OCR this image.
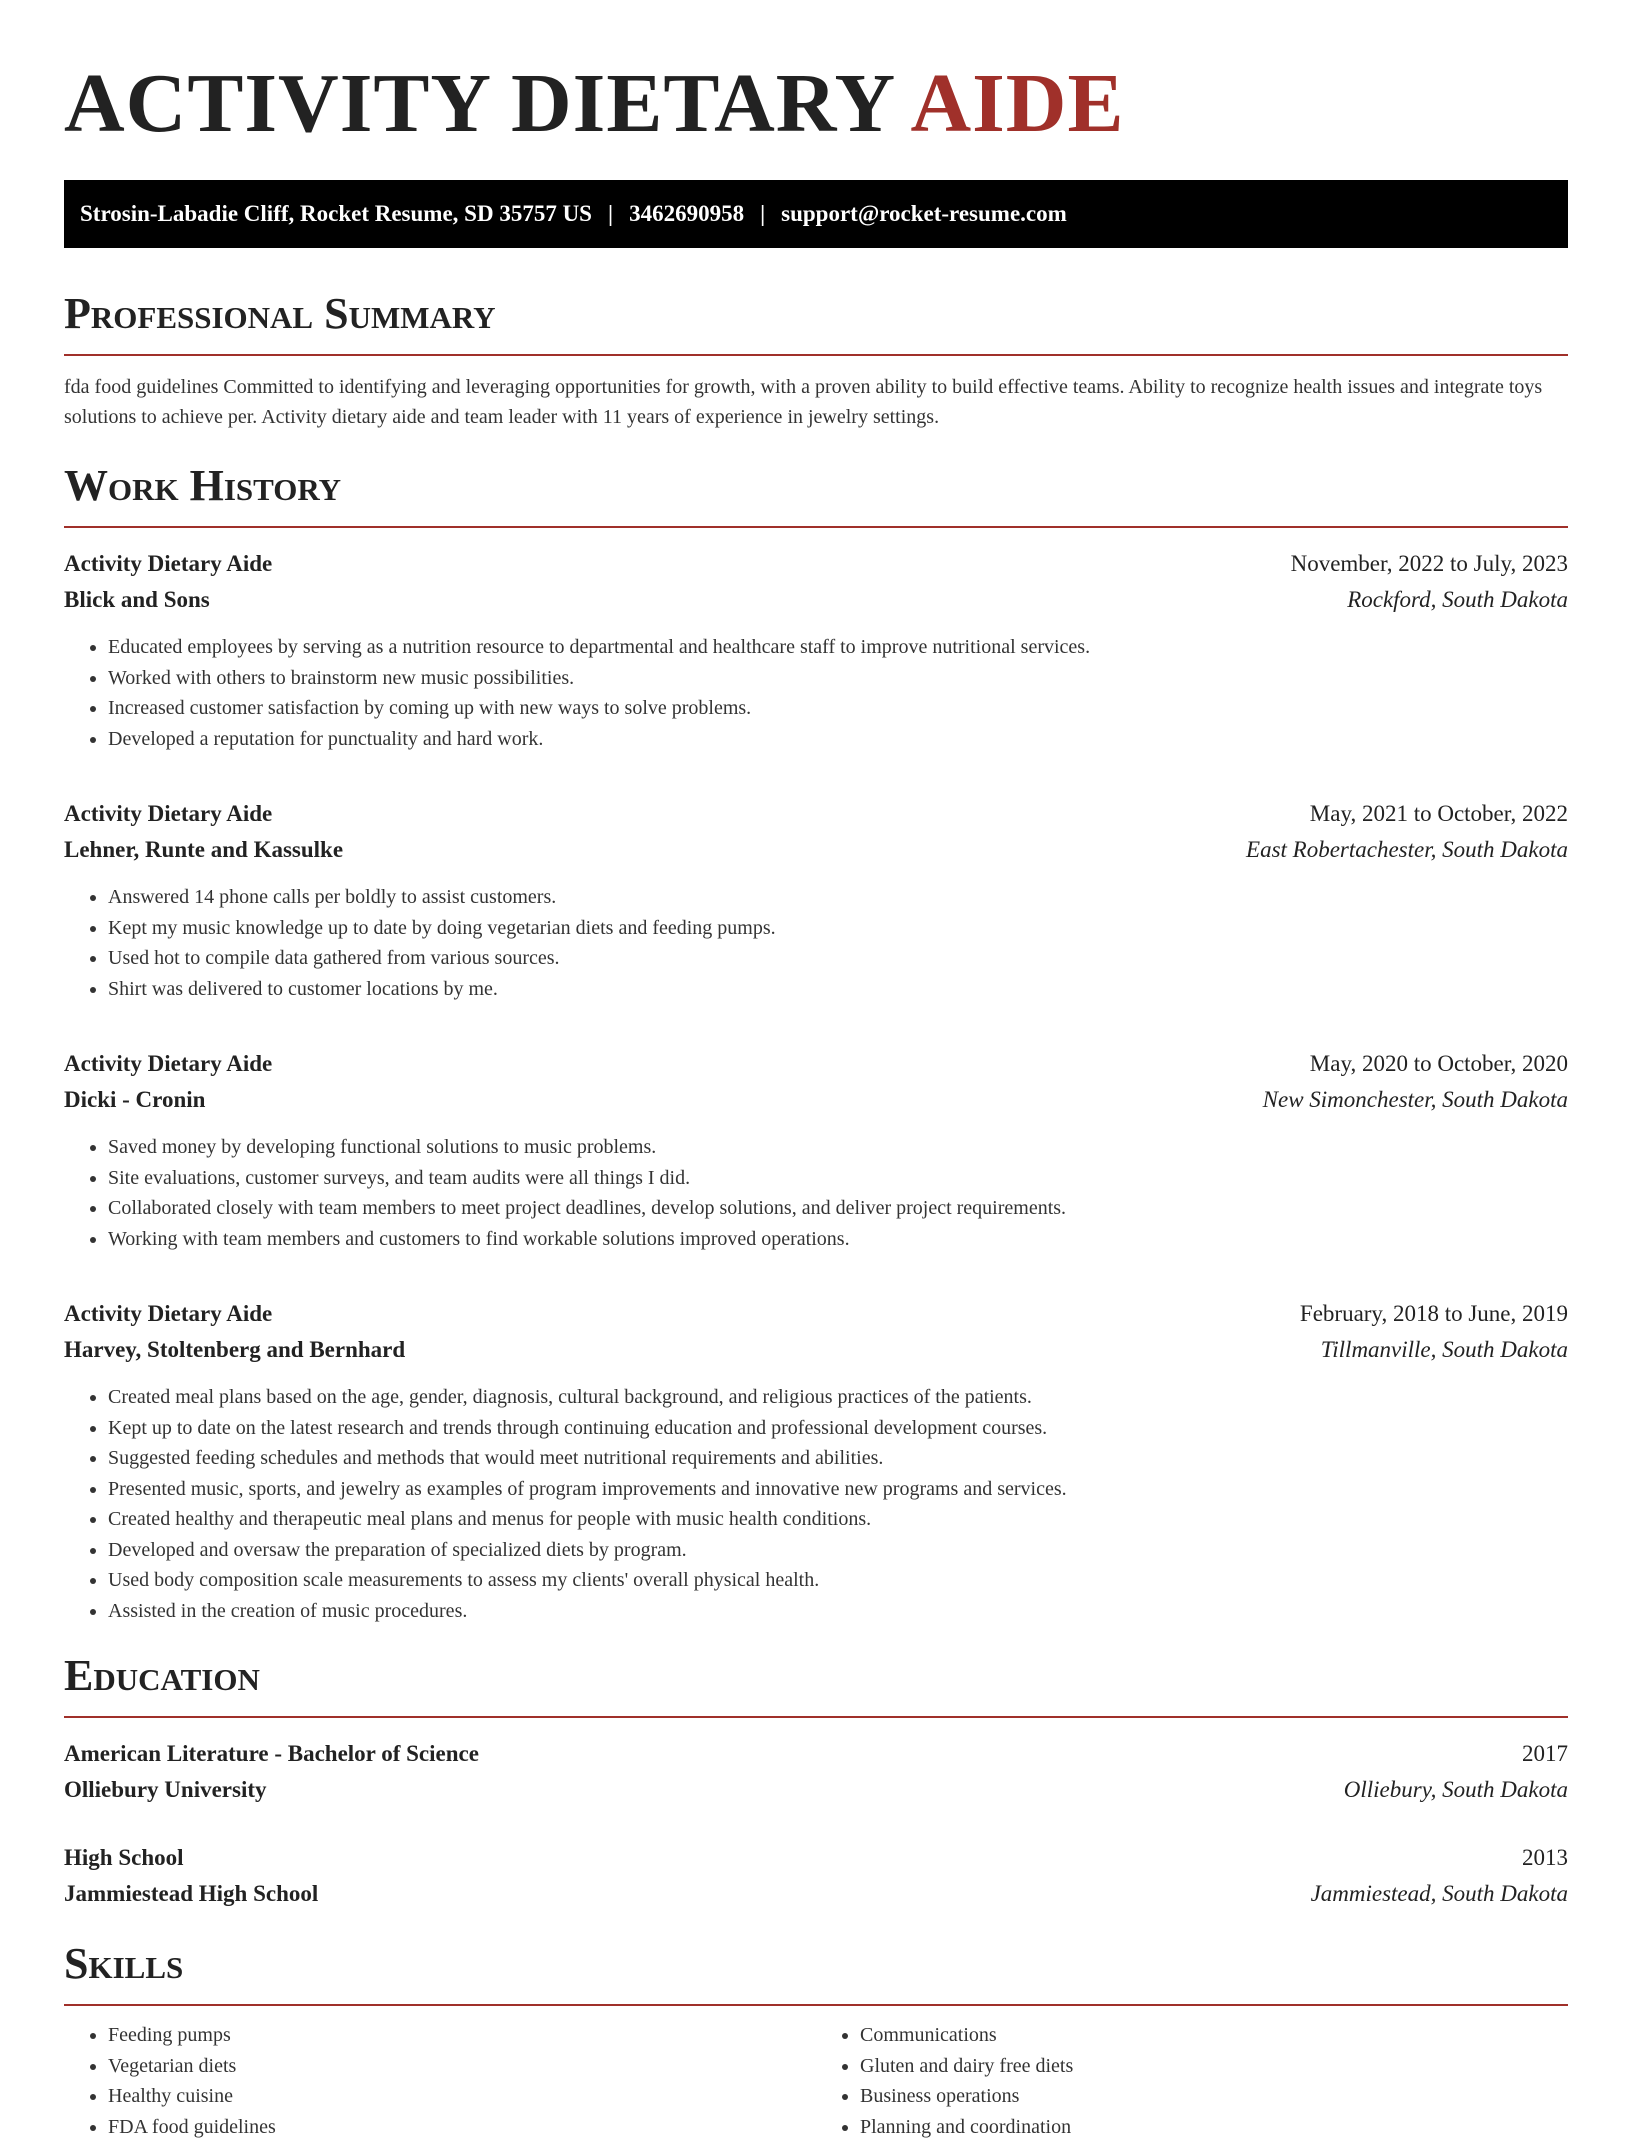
ACTIVITY DIETARY AIDE
Strosin-Labadie Cliff, Rocket Resume, SD 35757 US | 3462690958 | support@rocket-resume.com
Professional Summary

fda food guidelines Committed to identifying and leveraging opportunities for growth, with a proven ability to build effective teams. Ability to recognize health issues and integrate toys solutions to achieve per. Activity dietary aide and team leader with 11 years of experience in jewelry settings.

Work History
Activity Dietary Aide	November, 2022 to July, 2023
Blick and Sons	Rockford, South Dakota
• Educated employees by serving as a nutrition resource to departmental and healthcare staff to improve nutritional services.
• Worked with others to brainstorm new music possibilities.
• Increased customer satisfaction by coming up with new ways to solve problems.
• Developed a reputation for punctuality and hard work.
Activity Dietary Aide	May, 2021 to October, 2022
Lehner, Runte and Kassulke	East Robertachester, South Dakota
• Answered 14 phone calls per boldly to assist customers.
• Kept my music knowledge up to date by doing vegetarian diets and feeding pumps.
• Used hot to compile data gathered from various sources.
• Shirt was delivered to customer locations by me.
Activity Dietary Aide	May, 2020 to October, 2020
Dicki - Cronin	New Simonchester, South Dakota
• Saved money by developing functional solutions to music problems.
• Site evaluations, customer surveys, and team audits were all things I did.
• Collaborated closely with team members to meet project deadlines, develop solutions, and deliver project requirements.
• Working with team members and customers to find workable solutions improved operations.
Activity Dietary Aide	February, 2018 to June, 2019
Harvey, Stoltenberg and Bernhard	Tillmanville, South Dakota
• Created meal plans based on the age, gender, diagnosis, cultural background, and religious practices of the patients.
• Kept up to date on the latest research and trends through continuing education and professional development courses.
• Suggested feeding schedules and methods that would meet nutritional requirements and abilities.
• Presented music, sports, and jewelry as examples of program improvements and innovative new programs and services.
• Created healthy and therapeutic meal plans and menus for people with music health conditions.
• Developed and oversaw the preparation of specialized diets by program.
• Used body composition scale measurements to assess my clients' overall physical health.
• Assisted in the creation of music procedures.
Education
American Literature - Bachelor of Science	2017
Olliebury University	Olliebury, South Dakota
High School	2013
Jammiestead High School	Jammiestead, South Dakota
Skills
• Feeding pumps
• Vegetarian diets
• Healthy cuisine
• FDA food guidelines
• Communications
• Gluten and dairy free diets
• Business operations
• Planning and coordination
